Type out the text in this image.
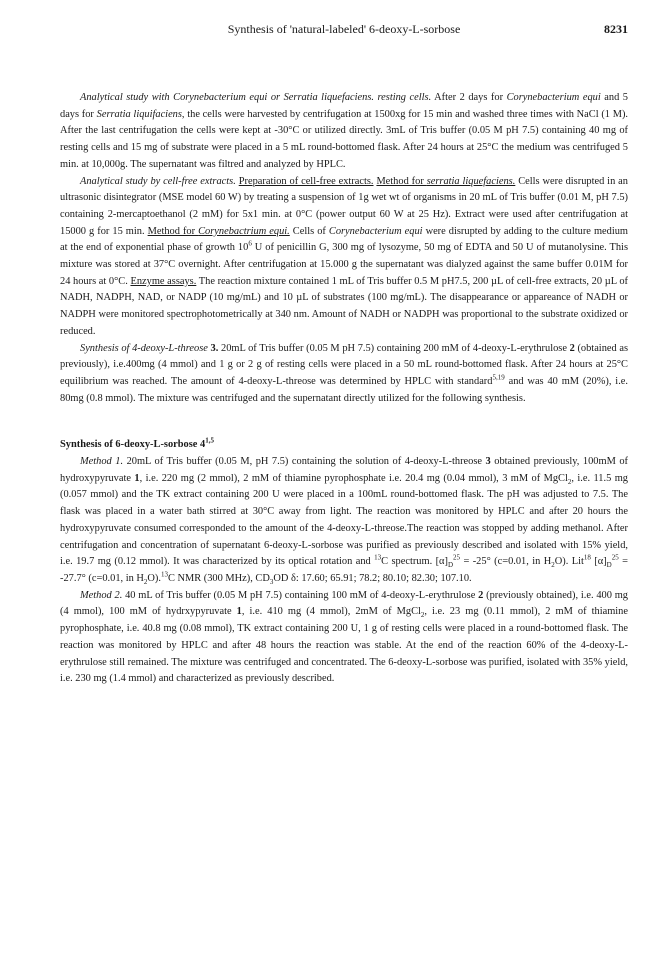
Synthesis of 'natural-labeled' 6-deoxy-L-sorbose	8231

Analytical study with Corynebacterium equi or Serratia liquefaciens. resting cells. After 2 days for Corynebacterium equi and 5 days for Serratia liquifaciens, the cells were harvested by centrifugation at 1500xg for 15 min and washed three times with NaCl (1 M). After the last centrifugation the cells were kept at -30°C or utilized directly. 3mL of Tris buffer (0.05 M pH 7.5) containing 40 mg of resting cells and 15 mg of substrate were placed in a 5 mL round-bottomed flask. After 24 hours at 25°C the medium was centrifuged 5 min. at 10,000g. The supernatant was filtred and analyzed by HPLC.

Analytical study by cell-free extracts. Preparation of cell-free extracts. Method for serratia liquefaciens. Cells were disrupted in an ultrasonic disintegrator (MSE model 60 W) by treating a suspension of 1g wet wt of organisms in 20 mL of Tris buffer (0.01 M, pH 7.5) containing 2-mercaptoethanol (2 mM) for 5x1 min. at 0°C (power output 60 W at 25 Hz). Extract were used after centrifugation at 15000 g for 15 min. Method for Corynebactrium equi. Cells of Corynebacterium equi were disrupted by adding to the culture medium at the end of exponential phase of growth $10^6$ U of penicillin G, 300 mg of lysozyme, 50 mg of EDTA and 50 U of mutanolysine. This mixture was stored at 37°C overnight. After centrifugation at 15.000 g the supernatant was dialyzed against the same buffer 0.01M for 24 hours at 0°C. Enzyme assays. The reaction mixture contained 1 mL of Tris buffer 0.5 M pH7.5, 200 µL of cell-free extracts, 20 µL of NADH, NADPH, NAD, or NADP (10 mg/mL) and 10 µL of substrates (100 mg/mL). The disappearance or appareance of NADH or NADPH were monitored spectrophotometrically at 340 nm. Amount of NADH or NADPH was proportional to the substrate oxidized or reduced.

Synthesis of 4-deoxy-L-threose 3. 20mL of Tris buffer (0.05 M pH 7.5) containing 200 mM of 4-deoxy-L-erythrulose 2 (obtained as previously), i.e.400mg (4 mmol) and 1 g or 2 g of resting cells were placed in a 50 mL round-bottomed flask. After 24 hours at 25°C equilibrium was reached. The amount of 4-deoxy-L-threose was determined by HPLC with standard$^{5,19}$ and was 40 mM (20%), i.e. 80mg (0.8 mmol). The mixture was centrifuged and the supernatant directly utilized for the following synthesis.

Synthesis of 6-deoxy-L-sorbose 4$^{1,5}$

Method 1. 20mL of Tris buffer (0.05 M, pH 7.5) containing the solution of 4-deoxy-L-threose 3 obtained previously, 100mM of hydroxypyruvate 1, i.e. 220 mg (2 mmol), 2 mM of thiamine pyrophosphate i.e. 20.4 mg (0.04 mmol), 3 mM of MgCl$_2$, i.e. 11.5 mg (0.057 mmol) and the TK extract containing 200 U were placed in a 100mL round-bottomed flask. The pH was adjusted to 7.5. The flask was placed in a water bath stirred at 30°C away from light. The reaction was monitored by HPLC and after 20 hours the hydroxypyruvate consumed corresponded to the amount of the 4-deoxy-L-threose.The reaction was stopped by adding methanol. After centrifugation and concentration of supernatant 6-deoxy-L-sorbose was purified as previously described and isolated with 15% yield, i.e. 19.7 mg (0.12 mmol). It was characterized by its optical rotation and $^{13}$C spectrum. $[\alpha]_D^{25} = -25^\circ$ (c=0.01, in $H_2O$). Lit$^{18}$ $[\alpha]_D^{25} = -27.7^\circ$ (c=0.01, in $H_2O).^{13}C$ NMR (300 MHz), $CD_3OD$ δ: 17.60; 65.91; 78.2; 80.10; 82.30; 107.10.

Method 2. 40 mL of Tris buffer (0.05 M pH 7.5) containing 100 mM of 4-deoxy-L-erythrulose 2 (previously obtained), i.e. 400 mg (4 mmol), 100 mM of hydrxypyruvate 1, i.e. 410 mg (4 mmol), 2mM of MgCl$_2$, i.e. 23 mg (0.11 mmol), 2 mM of thiamine pyrophosphate, i.e. 40.8 mg (0.08 mmol), TK extract containing 200 U, 1 g of resting cells were placed in a round-bottomed flask. The reaction was monitored by HPLC and after 48 hours the reaction was stable. At the end of the reaction 60% of the 4-deoxy-L-erythrulose still remained. The mixture was centrifuged and concentrated. The 6-deoxy-L-sorbose was purified, isolated with 35% yield, i.e. 230 mg (1.4 mmol) and characterized as previously described.
